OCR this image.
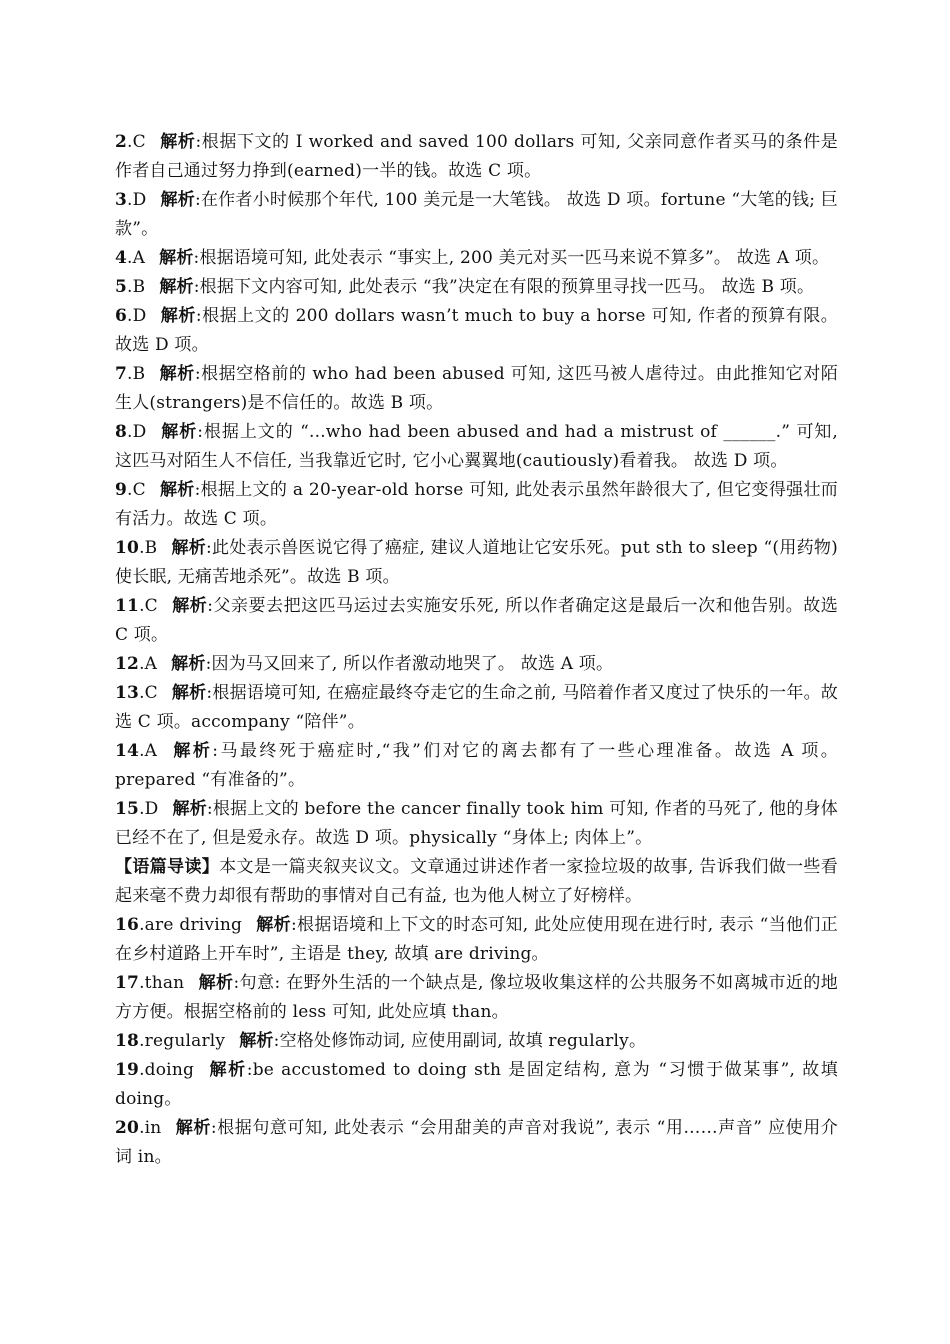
2.C 解析:根据下文的 I worked and saved 100 dollars 可知, 父亲同意作者买马的条件是作者自己通过努力挣到(earned)一半的钱。故选 C 项。

3.D 解析:在作者小时候那个年代, 100 美元是一大笔钱。 故选 D 项。fortune “大笔的钱; 巨款”。

4.A 解析:根据语境可知, 此处表示 “事实上, 200 美元对买一匹马来说不算多”。 故选 A 项。

5.B 解析:根据下文内容可知, 此处表示 “我”决定在有限的预算里寻找一匹马。 故选 B 项。

6.D 解析:根据上文的 200 dollars wasn’t much to buy a horse 可知, 作者的预算有限。故选 D 项。

7.B 解析:根据空格前的 who had been abused 可知, 这匹马被人虐待过。由此推知它对陌生人(strangers)是不信任的。故选 B 项。

8.D 解析:根据上文的 “...who had been abused and had a mistrust of ______.” 可知, 这匹马对陌生人不信任, 当我靠近它时, 它小心翼翼地(cautiously)看着我。 故选 D 项。

9.C 解析:根据上文的 a 20-year-old horse 可知, 此处表示虽然年龄很大了, 但它变得强壮而有活力。故选 C 项。

10.B 解析:此处表示兽医说它得了癌症, 建议人道地让它安乐死。put sth to sleep “(用药物)使长眠, 无痛苦地杀死”。故选 B 项。

11.C 解析:父亲要去把这匹马运过去实施安乐死, 所以作者确定这是最后一次和他告别。故选 C 项。

12.A 解析:因为马又回来了, 所以作者激动地哭了。 故选 A 项。

13.C 解析:根据语境可知, 在癌症最终夺走它的生命之前, 马陪着作者又度过了快乐的一年。故选 C 项。accompany “陪伴”。

14.A 解析:马最终死于癌症时,“我”们对它的离去都有了一些心理准备。故选 A 项。prepared “有准备的”。

15.D 解析:根据上文的 before the cancer finally took him 可知, 作者的马死了, 他的身体已经不在了, 但是爱永存。故选 D 项。physically “身体上; 肉体上”。

【语篇导读】本文是一篇夹叙夹议文。文章通过讲述作者一家捡垃圾的故事, 告诉我们做一些看起来毫不费力却很有帮助的事情对自己有益, 也为他人树立了好榜样。

16.are driving 解析:根据语境和上下文的时态可知, 此处应使用现在进行时, 表示 “当他们正在乡村道路上开车时”, 主语是 they, 故填 are driving。

17.than 解析:句意: 在野外生活的一个缺点是, 像垃圾收集这样的公共服务不如离城市近的地方方便。根据空格前的 less 可知, 此处应填 than。

18.regularly 解析:空格处修饰动词, 应使用副词, 故填 regularly。

19.doing 解析:be accustomed to doing sth 是固定结构, 意为 “习惯于做某事”, 故填 doing。

20.in 解析:根据句意可知, 此处表示 “会用甜美的声音对我说”, 表示 “用……声音” 应使用介词 in。
